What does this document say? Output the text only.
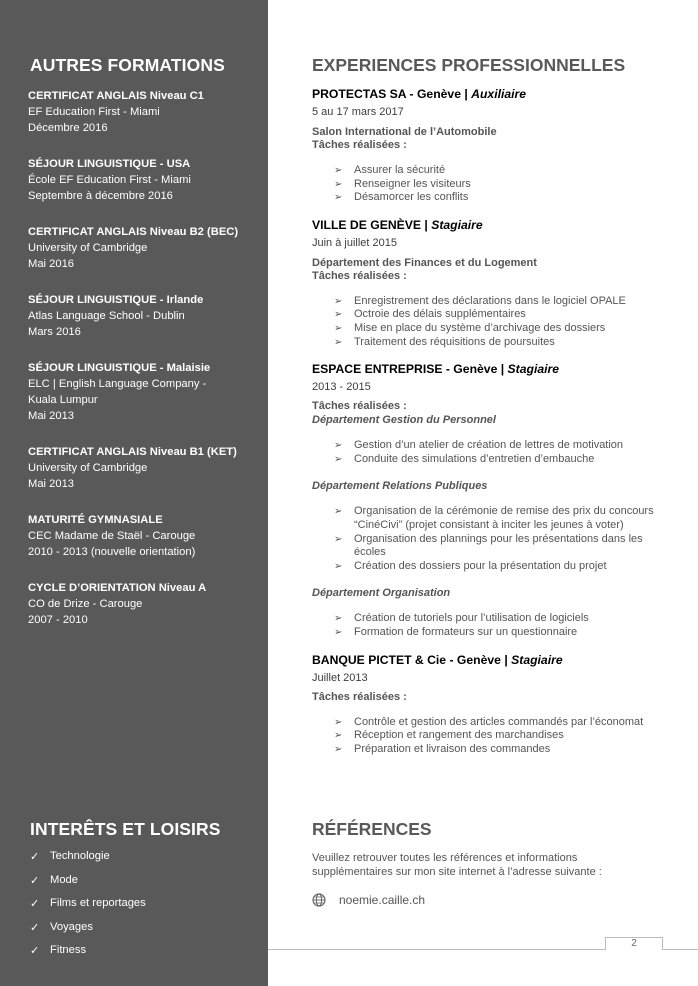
AUTRES FORMATIONS
CERTIFICAT ANGLAIS Niveau C1
EF Education First - Miami
Décembre 2016
SÉJOUR LINGUISTIQUE - USA
École EF Education First - Miami
Septembre à décembre 2016
CERTIFICAT ANGLAIS Niveau B2 (BEC)
University of Cambridge
Mai 2016
SÉJOUR LINGUISTIQUE - Irlande
Atlas Language School - Dublin
Mars 2016
SÉJOUR LINGUISTIQUE - Malaisie
ELC | English Language Company -
Kuala Lumpur
Mai 2013
CERTIFICAT ANGLAIS Niveau B1 (KET)
University of Cambridge
Mai 2013
MATURITÉ GYMNASIALE
CEC Madame de Staël - Carouge
2010 - 2013 (nouvelle orientation)
CYCLE D’ORIENTATION Niveau A
CO de Drize - Carouge
2007 - 2010
INTERÊTS ET LOISIRS
✓ Technologie
✓ Mode
✓ Films et reportages
✓ Voyages
✓ Fitness
EXPERIENCES PROFESSIONNELLES
PROTECTAS SA - Genève | Auxiliaire
5 au 17 mars 2017
Salon International de l’Automobile
Tâches réalisées :
➢	Assurer la sécurité
➢	Renseigner les visiteurs
➢	Désamorcer les conflits
VILLE DE GENÈVE | Stagiaire
Juin à juillet 2015
Département des Finances et du Logement
Tâches réalisées :
➢	Enregistrement des déclarations dans le logiciel OPALE
➢	Octroie des délais supplémentaires
➢	Mise en place du système d’archivage des dossiers
➢	Traitement des réquisitions de poursuites
ESPACE ENTREPRISE - Genève | Stagiaire
2013 - 2015
Tâches réalisées :
Département Gestion du Personnel
➢	Gestion d’un atelier de création de lettres de motivation
➢	Conduite des simulations d’entretien d’embauche
Département Relations Publiques
➢	Organisation de la cérémonie de remise des prix du concours “CinéCivi” (projet consistant à inciter les jeunes à voter)
➢	Organisation des plannings pour les présentations dans les écoles
➢	Création des dossiers pour la présentation du projet
Département Organisation
➢	Création de tutoriels pour l’utilisation de logiciels
➢	Formation de formateurs sur un questionnaire
BANQUE PICTET & Cie - Genève | Stagiaire
Juillet 2013
Tâches réalisées :
➢	Contrôle et gestion des articles commandés par l’économat
➢	Réception et rangement des marchandises
➢	Préparation et livraison des commandes
RÉFÉRENCES

Veuillez retrouver toutes les références et informations supplémentaires sur mon site internet à l’adresse suivante :

noemie.caille.ch
2
